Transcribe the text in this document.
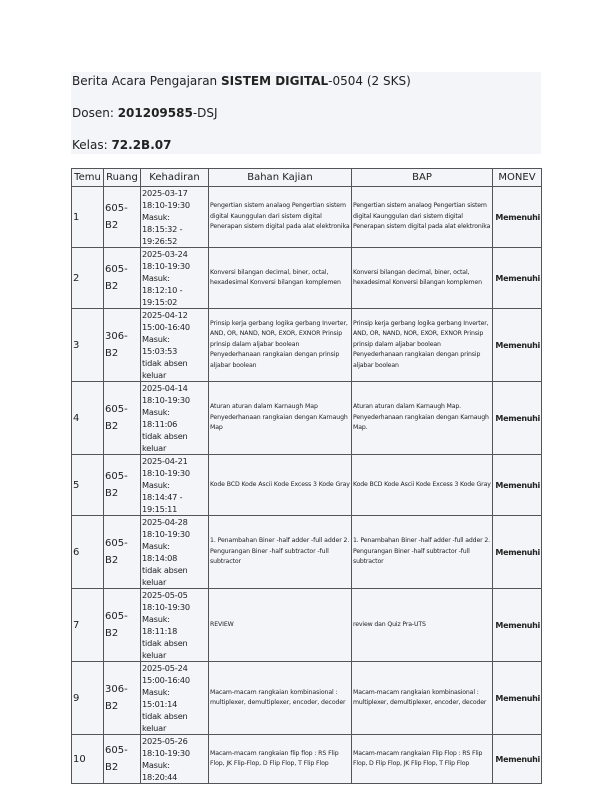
Berita Acara Pengajaran SISTEM DIGITAL-0504 (2 SKS)
Dosen: 201209585-DSJ
Kelas: 72.2B.07
Temu	Ruang	Kehadiran	Bahan Kajian	BAP	MONEV
1	605-B2	2025-03-17
18:10-19:30
Masuk: 18:15:32 -
19:26:52	Pengertian sistem analaog Pengertian sistem digital Kaunggulan dari sistem digital Penerapan sistem digital pada alat elektronika	Pengertian sistem analaog Pengertian sistem digital Kaunggulan dari sistem digital Penerapan sistem digital pada alat elektronika	Memenuhi
2	605-B2	2025-03-24
18:10-19:30
Masuk: 18:12:10 -
19:15:02	Konversi bilangan decimal, biner, octal, hexadesimal Konversi bilangan komplemen	Konversi bilangan decimal, biner, octal, hexadesimal Konversi bilangan komplemen	Memenuhi
3	306-B2	2025-04-12
15:00-16:40
Masuk: 15:03:53
tidak absen
keluar	Prinsip kerja gerbang logika gerbang Inverter, AND, OR, NAND, NOR, EXOR, EXNOR Prinsip prinsip dalam aljabar boolean Penyederhanaan rangkaian dengan prinsip aljabar boolean	Prinsip kerja gerbang logika gerbang Inverter, AND, OR, NAND, NOR, EXOR, EXNOR Prinsip prinsip dalam aljabar boolean Penyederhanaan rangkaian dengan prinsip aljabar boolean	Memenuhi
4	605-B2	2025-04-14
18:10-19:30
Masuk: 18:11:06
tidak absen
keluar	Aturan aturan dalam Karnaugh Map Penyederhanaan rangkaian dengan Karnaugh Map	Aturan aturan dalam Karnaugh Map. Penyederhanaan rangkaian dengan Karnaugh Map.	Memenuhi
5	605-B2	2025-04-21
18:10-19:30
Masuk: 18:14:47 -
19:15:11	Kode BCD Kode Ascii Kode Excess 3 Kode Gray	Kode BCD Kode Ascii Kode Excess 3 Kode Gray	Memenuhi
6	605-B2	2025-04-28
18:10-19:30
Masuk: 18:14:08
tidak absen
keluar	1. Penambahan Biner -half adder -full adder 2. Pengurangan Biner -half subtractor -full subtractor	1. Penambahan Biner -half adder -full adder 2. Pengurangan Biner -half subtractor -full subtractor	Memenuhi
7	605-B2	2025-05-05
18:10-19:30
Masuk: 18:11:18
tidak absen
keluar	REVIEW	review dan Quiz Pra-UTS	Memenuhi
9	306-B2	2025-05-24
15:00-16:40
Masuk: 15:01:14
tidak absen
keluar	Macam-macam rangkaian kombinasional : multiplexer, demultiplexer, encoder, decoder	Macam-macam rangkaian kombinasional : multiplexer, demultiplexer, encoder, decoder	Memenuhi
10	605-B2	2025-05-26
18:10-19:30
Masuk: 18:20:44	Macam-macam rangkaian flip flop : RS Flip Flop, JK Flip-Flop, D Flip Flop, T Flip Flop	Macam-macam rangkaian Flip Flop : RS Flip Flop, D Flip Flop, JK Flip Flop, T Flip Flop	Memenuhi
